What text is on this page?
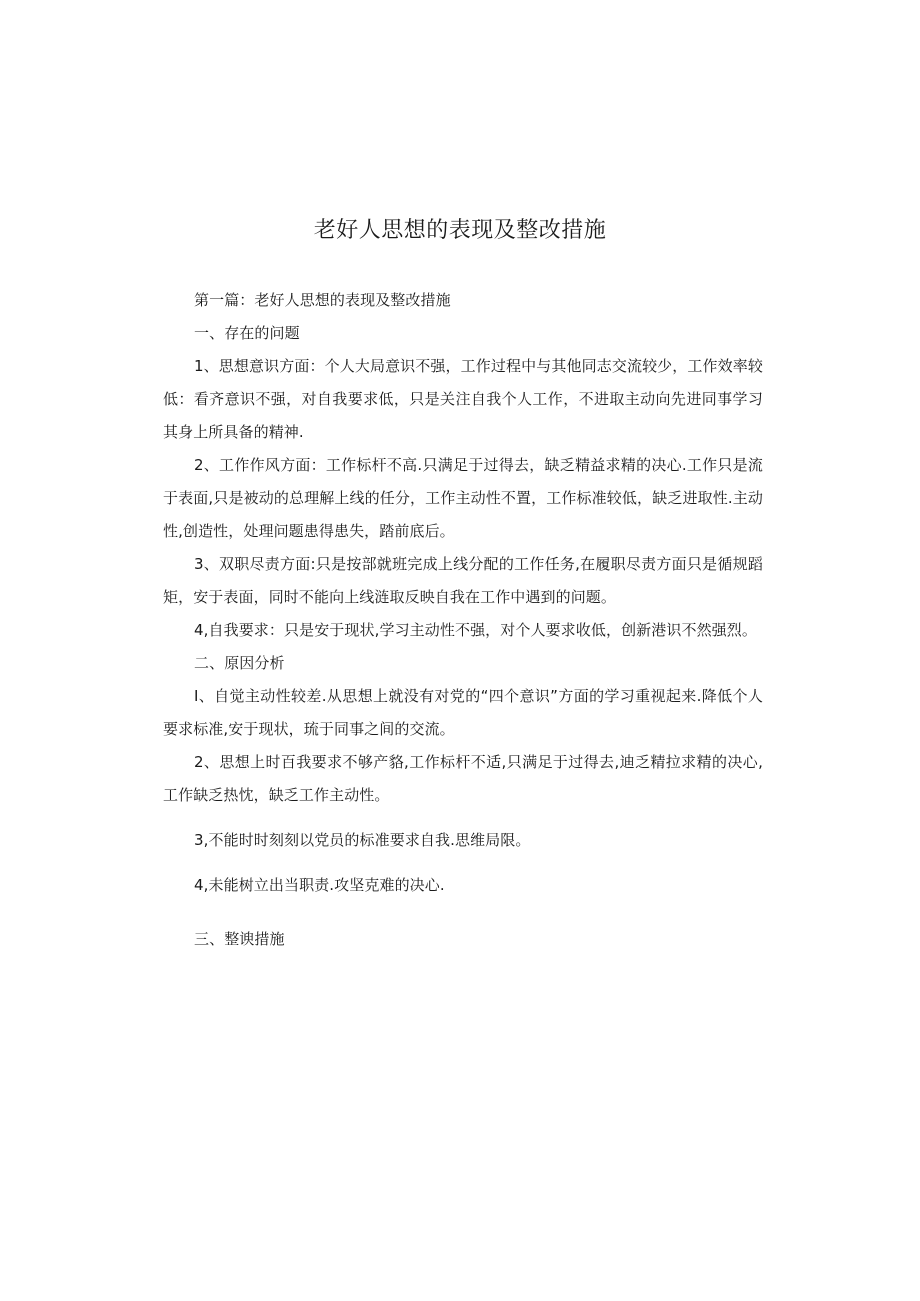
老好人思想的表现及整改措施

第一篇：老好人思想的表现及整改措施

一、存在的问题

1、思想意识方面：个人大局意识不强，工作过程中与其他同志交流较少，工作效率较低：看齐意识不强，对自我要求低，只是关注自我个人工作，不进取主动向先进同事学习其身上所具备的精神.

2、工作作风方面：工作标杆不高.只满足于过得去，缺乏精益求精的决心.工作只是流于表面,只是被动的总理解上线的任分，工作主动性不置，工作标准较低，缺乏进取性.主动性,创造性，处理问题患得患失，踏前底后。

3、双职尽责方面:只是按部就班完成上线分配的工作任务,在履职尽责方面只是循规蹈矩，安于表面，同时不能向上线涟取反映自我在工作中遇到的问题。

4,自我要求：只是安于现状,学习主动性不强，对个人要求收低，创新港识不然强烈。

二、原因分析

I、自觉主动性较差.从思想上就没有对党的“四个意识”方面的学习重视起来.降低个人要求标准,安于现状，琉于同事之间的交流。

2、思想上时百我要求不够产貉,工作标杆不适,只满足于过得去,迪乏精拉求精的决心,工作缺乏热忱，缺乏工作主动性。

3,不能时时刻刻以党员的标准要求自我.思维局限。

4,未能树立出当职责.攻坚克难的决心.

三、整谀措施
